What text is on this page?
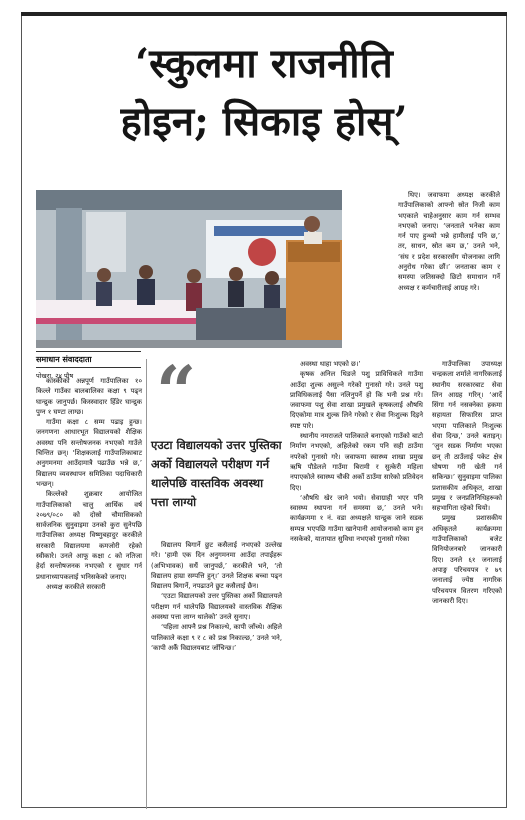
‘स्कुलमा राजनीति
होइन; सिकाइ होस्’

समाधान संवाददाता

पोखरा, २४ पौष

कास्कीको अन्नपूर्ण गाउँपालिका १० किल्ले गाउँका बालबालिका कक्षा ९ पढ्न घान्द्रुक जानुपर्छ। किस्स्वादार हिँडेर घान्द्रुक पुग्न १ घण्टा लाग्छ।

गाउँमा कक्षा ८ सम्म पढाइ हुन्छ। जनगणना आधारभूत विद्यालयको शैक्षिक अवस्था पनि सन्तोषजनक नभएको गाउँले चिन्तित छन्। ‘शिक्षकलाई गाउँपालिकाबाट अनुगमनमा आउँदामात्रै पढाउँछ भन्ने छ,’ विद्यालय व्यवस्थापन समितिका पदाधिकारी भन्छन्।

किल्लेको शुक्रबार आयोजित गाउँपालिकाको चालु आर्थिक वर्ष २०७९/०८० को दोस्रो चौमासिकको सार्वजनिक सुनुवाइमा उनको कुरा सुनेपछि गाउँपालिका अध्यक्ष विष्णुबहादुर करकीले सरकारी विद्यालयमा कमजोरी रहेको स्वीकारे। उनले आफू कक्षा ८ को नतिजा हेर्दा सन्तोषजनक नभएको र सुधार गर्न प्रधानाध्यापकलाई भनिसकेको जनाए।

अध्यक्ष करकीले सरकारी

“

एउटा विद्यालयको उत्तर पुस्तिका अर्को विद्यालयले परीक्षण गर्न थालेपछि वास्तविक अवस्था पत्ता लाग्यो

विद्यालय बिगार्ने छुट कसैलाई नभएको उल्लेख गरे। ‘हामी एक दिन अनुगमनमा आउँदा तपाईंहरू (अभिभावक) सधैं जानुपर्छ,’ करकीले भने, ‘तो विद्यालय हाम्रा सम्पत्ति हुन्।’ उनले शिक्षक बच्चा पढ्न विद्यालय बिगार्ने, नपढाउने छुट कसैलाई छैन।

‘एउटा विद्यालयको उत्तर पुस्तिका अर्को विद्यालयले परीक्षण गर्न थालेपछि विद्यालयको वास्तविक शैक्षिक अवस्था पत्ता लाग्न थालेको’ उनले सुनाए।

‘पहिला आफ्नै प्रश्न निकाल्थे, कापी जाँच्थे। अहिले पालिकाले कक्षा ९ र ८ को प्रश्न निकाल्छ,’ उनले भने, ‘कापी अर्कै विद्यालयबाट जाँचिन्छ।’

अवस्था थाहा भएको छ।’

कृषक अनिल थिङले पशु प्राविधिकले गाउँमा आउँदा शुल्क असुल्ने गरेको गुनासो गरे। उनले पशु प्राविधिकलाई पैसा नलिनुपर्ने हो कि भनी प्रश्न गरे। जवाफमा पशु सेवा शाखा प्रमुखले कृषकलाई औषधि दिएकोमा मात्र शुल्क लिने गरेको र सेवा निःशुल्क दिइने स्पष्ट पारे।

स्थानीय नमराजले पालिकाले बनाएको गाउँको बाटो निर्माण नभएको, अहिलेको रकम पनि सही ठाउँमा नपरेको गुनासो गरे। जवाफमा स्वास्थ्य शाखा प्रमुख ऋषि पौडेलले गाउँमा बिरामी र सुत्केरी महिला नपाएकोले स्वास्थ्य चौकी अर्को ठाउँमा सारेको प्रतिवेदन दिए।

‘औषधि खेर जाने भयो। सेवाग्राही भएर पनि स्वास्थ्य स्थापना गर्न समस्या छ,’ उनले भने। कार्यक्रममा १ नं. वडा अध्यक्षले घान्द्रुक जाने सडक सम्पन्न भएपछि गाउँमा खानेपानी आयोजनाको काम हुन नसकेको, यातायात सुविधा नभएको गुनासो गरेका

थिए। जवाफमा अध्यक्ष करकीले गाउँपालिकाको आफ्नो स्रोत निजी काम भएकाले चाहेअनुसार काम गर्न सम्भव नभएको जनाए। ‘जनताले भनेका काम गर्न पाए हुन्थ्यो भन्ने हामीलाई पनि छ,’ तर, साधन, स्रोत कम छ,’ उनले भने, ‘संघ र प्रदेश सरकारसँग योजनाका लागि अनुरोध गरेका छौं।’ जनताका काम र समस्या जतिसक्दो छिटो समाधान गर्ने अध्यक्ष र कर्मचारीलाई आग्रह गरे।

गाउँपालिका उपाध्यक्ष चन्द्रकला शर्माले नागरिकलाई स्थानीय सरकारबाट सेवा लिन आग्रह गरिन्। ‘आर्दे सिंगा गर्न नसक्नेका हकमा सहायता सिफारिस प्राप्त भएमा पालिकाले निःशुल्क सेवा दिन्छ,’ उनले बताइन्। ‘जुन सडक निर्माण भएका छन् ती ठाउँलाई पकेट क्षेत्र घोषणा गरी खेती गर्न सकिन्छ।’ सुनुवाइमा पालिका प्रशासकीय अधिकृत, शाखा प्रमुख र जनप्रतिनिधिहरूको सहभागिता रहेको थियो।

प्रमुख प्रशासकीय अधिकृतले कार्यक्रममा गाउँपालिकाको बजेट विनियोजनबारे जानकारी दिए। उनले ६१ जनालाई अपाङ्ग परिचयपत्र र ७९ जनालाई ज्येष्ठ नागरिक परिचयपत्र वितरण गरिएको जानकारी दिए।
